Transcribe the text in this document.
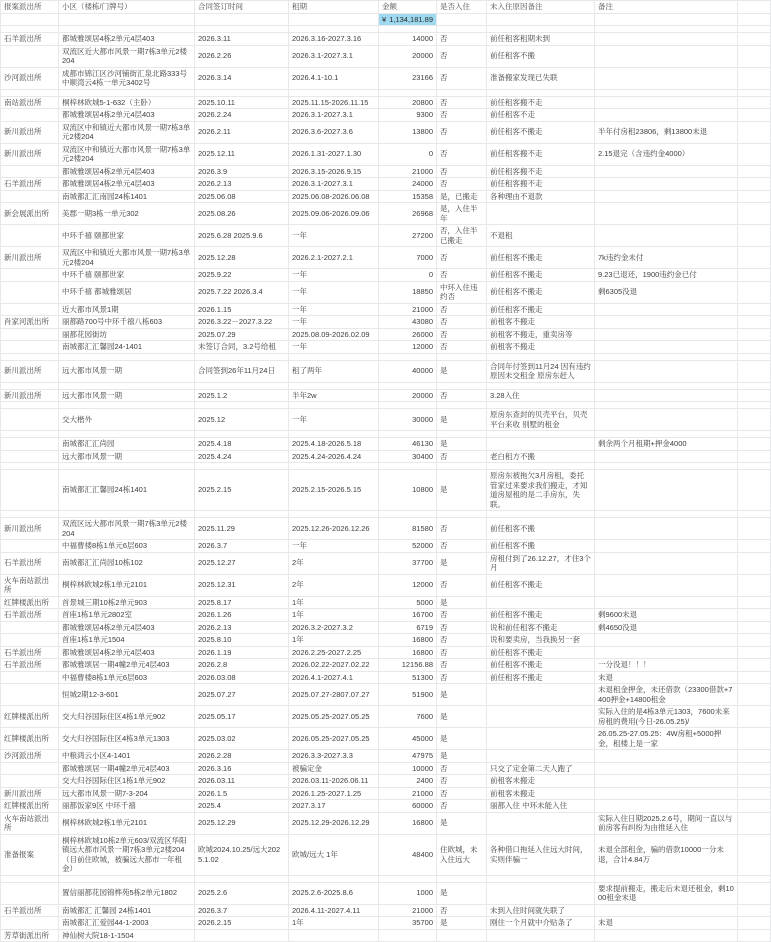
报案派出所	小区（楼栋/门牌号）	合同签订时间	租期	金额	是否入住	未入住原因备注	备注	

				¥ 1,134,181.89				

石羊派出所	都城雅颂居4栋2单元4层403	2026.3.11	2026.3.16-2027.3.16	14000	否	前任租客租期未到		
	双流区近大都市风景一期7栋3单元2楼204	2026.2.26	2026.3.1-2027.3.1	20000	否	前任租客不搬		
沙河派出所	成都市锦江区沙河铺街汇泉北路333号中顺湾云4栋一单元3402号	2026.3.14	2026.4.1-10.1	23166	否	准备搬家发现已失联		

南站派出所	桐梓林欧城5-1-632（主卧）	2025.10.11	2025.11.15-2026.11.15	20800	否	前任租客搬不走		
	都城雅颂居4栋2单元4层403	2026.2.24	2026.3.1-2027.3.1	9300	否	前任租客不走		
新川派出所	双流区中和镇近大都市风景一期7栋3单元2楼204	2026.2.11	2026.3.6-2027.3.6	13800	否	前任租客不搬走	半年付房租23806，剩13800未退	
新川派出所	双流区中和镇近大都市风景一期7栋3单元2楼204	2025.12.11	2026.1.31-2027.1.30	0	否	前任租客搬不走	2.15退完（含违约金4000）	
	都城雅颂居4栋2单元4层403	2026.3.9	2026.3.15-2026.9.15	21000	否	前任租客搬不走		
石羊派出所	都城雅颂居4栋2单元4层403	2026.2.13	2026.3.1-2027.3.1	24000	否	前任租客搬不走		
	南城都汇汇南园24栋1401	2025.06.08	2025.06.08-2026.06.08	15358	是，已搬走	各种理由不退款		
新会展派出所	美郡一期3栋一单元302	2025.08.26	2025.09.06-2026.09.06	26968	是，入住半年			
	中环千禧 颐都世家	2025.6.28 2025.9.6	一年	27200	否，入住半已搬走	不退租		
新川派出所	双流区中和镇近大都市风景一期7栋3单元2楼204	2025.12.28	2026.2.1-2027.2.1	7000	否	前任租客不搬走	7k违约金未付	
	中环千禧 颐都世家	2025.9.22	一年	0	否	前任租客不搬走	9.23已退还，1900违约金已付	
	中环千禧 都城雅颂居	2025.7.22 2026.3.4	一年	18850	中环入住违约否	前任租客不搬走	剩6305没退	
	近大都市风景1期	2026.1.15	一年	21000	否	前任租客不搬走		
肖家河派出所	丽都路700号中环千禧八栋603	2026.3.22－2027.3.22	一年	43080	否	前租客不搬走		
	丽都花园街坊	2025.07.29	2025.08.09-2026.02.09	26000	否	前租客不搬走，重卖房等		
	南城都汇汇馨园24-1401	未签订合同，3.2号给租	一年	12000	否	前租客不搬走		

新川派出所	远大都市风景一期	合同签到26年11月24日	租了两年	40000	是	合同年付签到11月24 因有违约原因未交租金 原房东赶人		

新川派出所	远大都市风景一期	2025.1.2	半年2w	20000	否	3.28入住		

	交大楷外	2025.12	一年	30000	是	原房东查封的贝壳平台，贝壳平台来收 别墅的租金		

	南城都汇汇尚园	2025.4.18	2025.4.18-2026.5.18	46130	是		剩余两个月租期+押金4000	
	远大都市风景一期	2025.4.24	2025.4.24-2026.4.24	30400	否	老白租方不搬		

	南城都汇汇馨园24栋1401	2025.2.15	2025.2.15-2026.5.15	10800	是	原房东被拖欠3月房租，委托管家过来要求我们搬走，才知道房屋租的是二手房东，失联。		

新川派出所	双流区远大都市风景一期7栋3单元2楼204	2025.11.29	2025.12.26-2026.12.26	81580	否	前任租客不搬		
	中福曹楼8栋1单元6层603	2026.3.7	一年	52000	否	前任租客不搬		
石羊派出所	南城都汇汇尚园10栋102	2025.12.27	2年	37700	是	房租付到了26.12.27，才住3个月		
火车南站派出所	桐梓林欧城2栋1单元2101	2025.12.31	2年	12000	否	前任租客不搬走		
红牌楼派出所	首景城三期10栋2单元903	2025.8.17	1年	5000	是			
石羊派出所	首座1栋1单元2802室	2026.1.26	1年	16700	否	前任租客不搬走	剩9600未退	
	都城雅颂居4栋2单元4层403	2026.2.13	2026.3.2-2027.3.2	6719	否	说和前任租客不搬走	剩4650没退	
	首座1栋1单元1504	2025.8.10	1年	16800	否	说和要卖房，当我换另一套		
石羊派出所	都城雅颂居4栋2单元4层403	2026.1.19	2026.2.25-2027.2.25	16800	否	前任租客不搬走		
石羊派出所	都城雅颂居一期4幢2单元4层403	2026.2.8	2026.02.22-2027.02.22	12156.88	否	前任租客不搬走	一分没退！！！	
	中福曹楼8栋1单元6层603	2026.03.08	2026.4.1-2027.4.1	51300	否	前任租客不搬走	未退	
	恒城2期12-3-601	2025.07.27	2025.07.27-2807.07.27	51900	是		未退租金押金，未还借款（23300借款+7400押金+14800租金	
红牌楼派出所	交大归谷国际住区4栋1单元902	2025.05.17	2025.05.25-2027.05.25	7600	是		实际入住的是4栋3单元1303，7600未来房租的费用(今日-26.05.25)/	
红牌楼派出所	交大归谷国际住区4栋3单元1303	2025.03.02	2026.05.25-2027.05.25	45000	是		26.05.25-27.05.25：4W房租+5000押金，租楼上是一家	
沙河派出所	中粮鸿云小区4-1401	2026.2.28	2026.3.3-2027.3.3	47975	是			
	都城雅颂居一期4幢2单元4层403	2026.3.16	被骗定金	10000	否	只交了定金第二天人跑了		
	交大归谷国际住区1栋1单元902	2026.03.11	2026.03.11-2026.06.11	2400	否	前租客未搬走		
新川派出所	远大都市风景一期7-3-204	2026.1.5	2026.1.25-2027.1.25	21000	否	前租客未搬走		
红牌楼派出所	丽都饭家9区 中环千禧	2025.4	2027.3.17	60000	否	丽都入住 中环未能入住		
火车南站派出所	桐梓林欧城2栋1单元2101	2025.12.29	2025.12.29-2026.12.29	16800	是		实际入住日期2025.2.6号，期间一直以与前房客有纠纷为由推延入住	
准备报案	桐梓林欧城10栋2单元603/双流区华阳镇远大都市风景一期7栋3单元2楼204（目前住欧城，被骗远大都市一年租金）	欧城2024.10.25/远大2025.1.02	欧城/远大 1年	48400	住欧城，未入住远大	各种借口拖延入住远大时间，实则伴骗一	未退全部租金，骗的借款10000一分未退，合计4.84万	

	置信丽都花园锦桦苑5栋2单元1802	2025.2.6	2025.2.6-2025.8.6	1000	是		要求提前搬走，搬走后未退还租金，剩1000租金未退	
石羊派出所	南城都汇 汇馨园 24栋1401	2026.3.7	2026.4.11-2027.4.11	21000	否	未到入住时间就失联了		
	南城都汇汇爱园44-1-2003	2026.2.15	1年	35700	是	刚住一个月就中介贴条了	未退	
芳草街派出所	神仙树大院18-1-1504							
